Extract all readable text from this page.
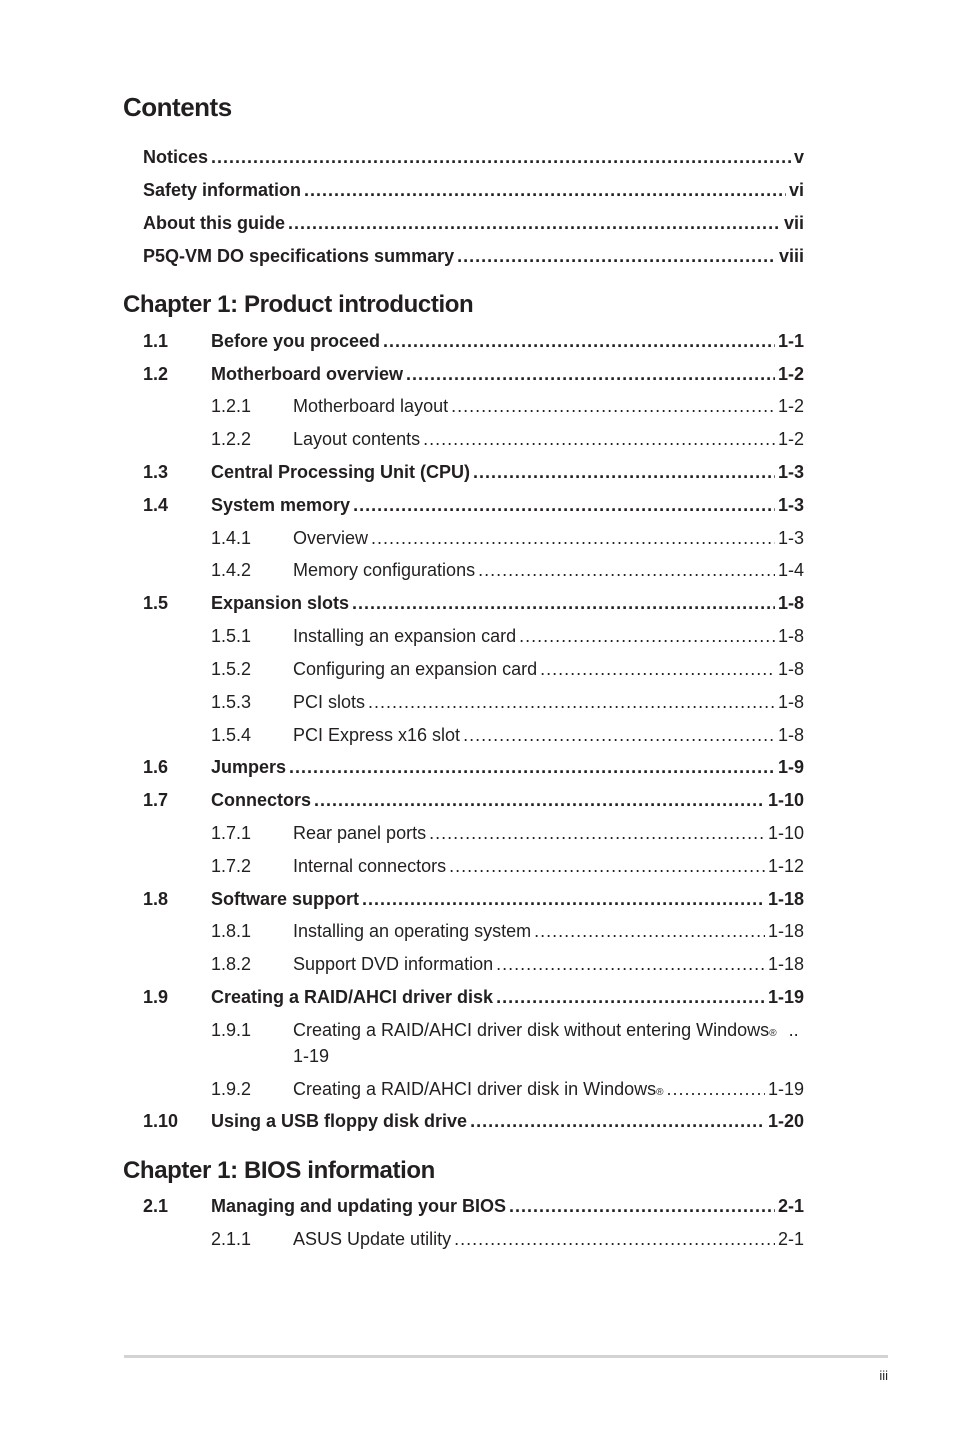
Contents
Notices .....	v
Safety information .....	vi
About this guide .....	vii
P5Q-VM DO specifications summary .....	viii
Chapter 1: Product introduction
1.1	Before you proceed .....	1-1
1.2	Motherboard overview .....	1-2
1.2.1	Motherboard layout .....	1-2
1.2.2	Layout contents .....	1-2
1.3	Central Processing Unit (CPU) .....	1-3
1.4	System memory .....	1-3
1.4.1	Overview .....	1-3
1.4.2	Memory configurations .....	1-4
1.5	Expansion slots .....	1-8
1.5.1	Installing an expansion card .....	1-8
1.5.2	Configuring an expansion card .....	1-8
1.5.3	PCI slots .....	1-8
1.5.4	PCI Express x16 slot .....	1-8
1.6	Jumpers .....	1-9
1.7	Connectors .....	1-10
1.7.1	Rear panel ports .....	1-10
1.7.2	Internal connectors .....	1-12
1.8	Software support .....	1-18
1.8.1	Installing an operating system .....	1-18
1.8.2	Support DVD information .....	1-18
1.9	Creating a RAID/AHCI driver disk .....	1-19
1.9.1	Creating a RAID/AHCI driver disk without entering Windows ® ..
1-19
1.9.2	Creating a RAID/AHCI driver disk in Windows ® .....	1-19
1.10	Using a USB floppy disk drive .....	1-20
Chapter 1: BIOS information
2.1	Managing and updating your BIOS .....	2-1
2.1.1	ASUS Update utility .....	2-1
iii
